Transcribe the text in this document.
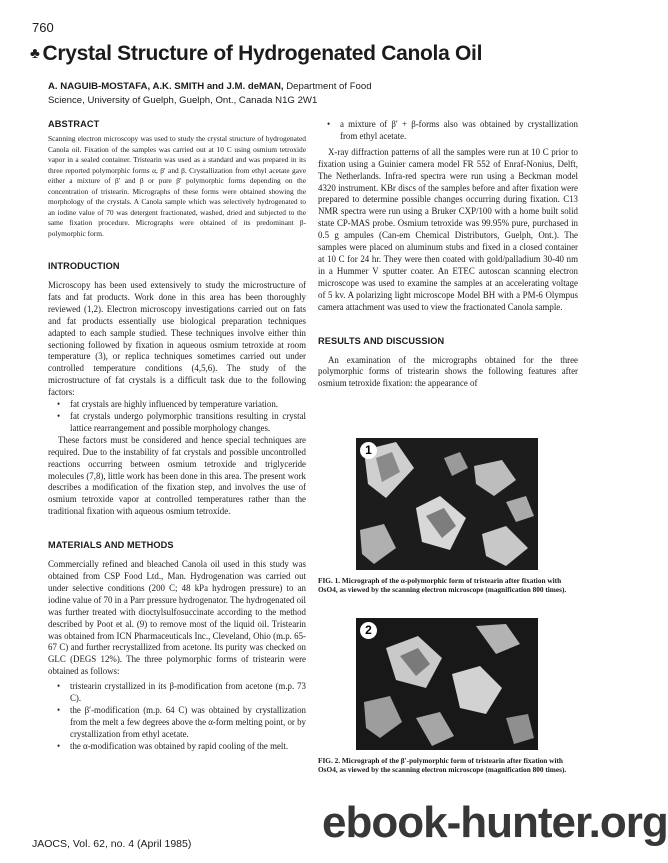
760
♣ Crystal Structure of Hydrogenated Canola Oil
A. NAGUIB-MOSTAFA, A.K. SMITH and J.M. deMAN, Department of Food
Science, University of Guelph, Guelph, Ont., Canada N1G 2W1
ABSTRACT

Scanning electron microscopy was used to study the crystal structure of hydrogenated Canola oil. Fixation of the samples was carried out at 10 C using osmium tetroxide vapor in a sealed container. Tristearin was used as a standard and was prepared in its three reported polymorphic forms α, β′ and β. Crystallization from ethyl acetate gave either a mixture of β′ and β or pure β′ polymorphic forms depending on the concentration of tristearin. Micrographs of these forms were obtained showing the morphology of the crystals. A Canola sample which was selectively hydrogenated to an iodine value of 70 was detergent fractionated, washed, dried and subjected to the same fixation procedure. Micrographs were obtained of its predominant β-polymorphic form.

INTRODUCTION

Microscopy has been used extensively to study the microstructure of fats and fat products. Work done in this area has been thoroughly reviewed (1,2). Electron microscopy investigations carried out on fats and fat products essentially use biological preparation techniques adapted to each sample studied. These techniques involve either thin sectioning followed by fixation in aqueous osmium tetroxide at room temperature (3), or replica techniques sometimes carried out under controlled temperature conditions (4,5,6). The study of the microstructure of fat crystals is a difficult task due to the following factors:

• fat crystals are highly influenced by temperature variation.
• fat crystals undergo polymorphic transitions resulting in crystal lattice rearrangement and possible morphology changes.

These factors must be considered and hence special techniques are required. Due to the instability of fat crystals and possible uncontrolled reactions occurring between osmium tetroxide and triglyceride molecules (7,8), little work has been done in this area. The present work describes a modification of the fixation step, and involves the use of osmium tetroxide vapor at controlled temperatures rather than the traditional fixation with aqueous osmium tetroxide.

MATERIALS AND METHODS

Commercially refined and bleached Canola oil used in this study was obtained from CSP Food Ltd., Man. Hydrogenation was carried out under selective conditions (200 C; 48 kPa hydrogen pressure) to an iodine value of 70 in a Parr pressure hydrogenator. The hydrogenated oil was further treated with dioctylsulfosuccinate according to the method described by Poot et al. (9) to remove most of the liquid oil. Tristearin was obtained from ICN Pharmaceuticals Inc., Cleveland, Ohio (m.p. 65-67 C) and further recrystallized from acetone. Its purity was checked on GLC (DEGS 12%). The three polymorphic forms of tristearin were obtained as follows:

• tristearin crystallized in its β-modification from acetone (m.p. 73 C).
• the β′-modification (m.p. 64 C) was obtained by crystallization from the melt a few degrees above the α-form melting point, or by crystallization from ethyl acetate.
• the α-modification was obtained by rapid cooling of the melt.
• a mixture of β′ + β-forms also was obtained by crystallization from ethyl acetate.

X-ray diffraction patterns of all the samples were run at 10 C prior to fixation using a Guinier camera model FR 552 of Enraf-Nonius, Delft, The Netherlands. Infra-red spectra were run using a Beckman model 4320 instrument. KBr discs of the samples before and after fixation were prepared to determine possible changes occurring during fixation. C13 NMR spectra were run using a Bruker CXP/100 with a home built solid state CP-MAS probe. Osmium tetroxide was 99.95% pure, purchased in 0.5 g ampules (Can-em Chemical Distributors, Guelph, Ont.). The samples were placed on aluminum stubs and fixed in a closed container at 10 C for 24 hr. They were then coated with gold/palladium 30-40 nm in a Hummer V sputter coater. An ETEC autoscan scanning electron microscope was used to examine the samples at an accelerating voltage of 5 kv. A polarizing light microscope Model BH with a PM-6 Olympus camera attachment was used to view the fractionated Canola sample.

RESULTS AND DISCUSSION

An examination of the micrographs obtained for the three polymorphic forms of tristearin shows the following features after osmium tetroxide fixation: the appearance of

1
FIG. 1. Micrograph of the α-polymorphic form of tristearin after fixation with OsO4, as viewed by the scanning electron microscope (magnification 800 times).
2
FIG. 2. Micrograph of the β′-polymorphic form of tristearin after fixation with OsO4, as viewed by the scanning electron microscope (magnification 800 times).
JAOCS, Vol. 62, no. 4 (April 1985)	ebook-hunter.org
